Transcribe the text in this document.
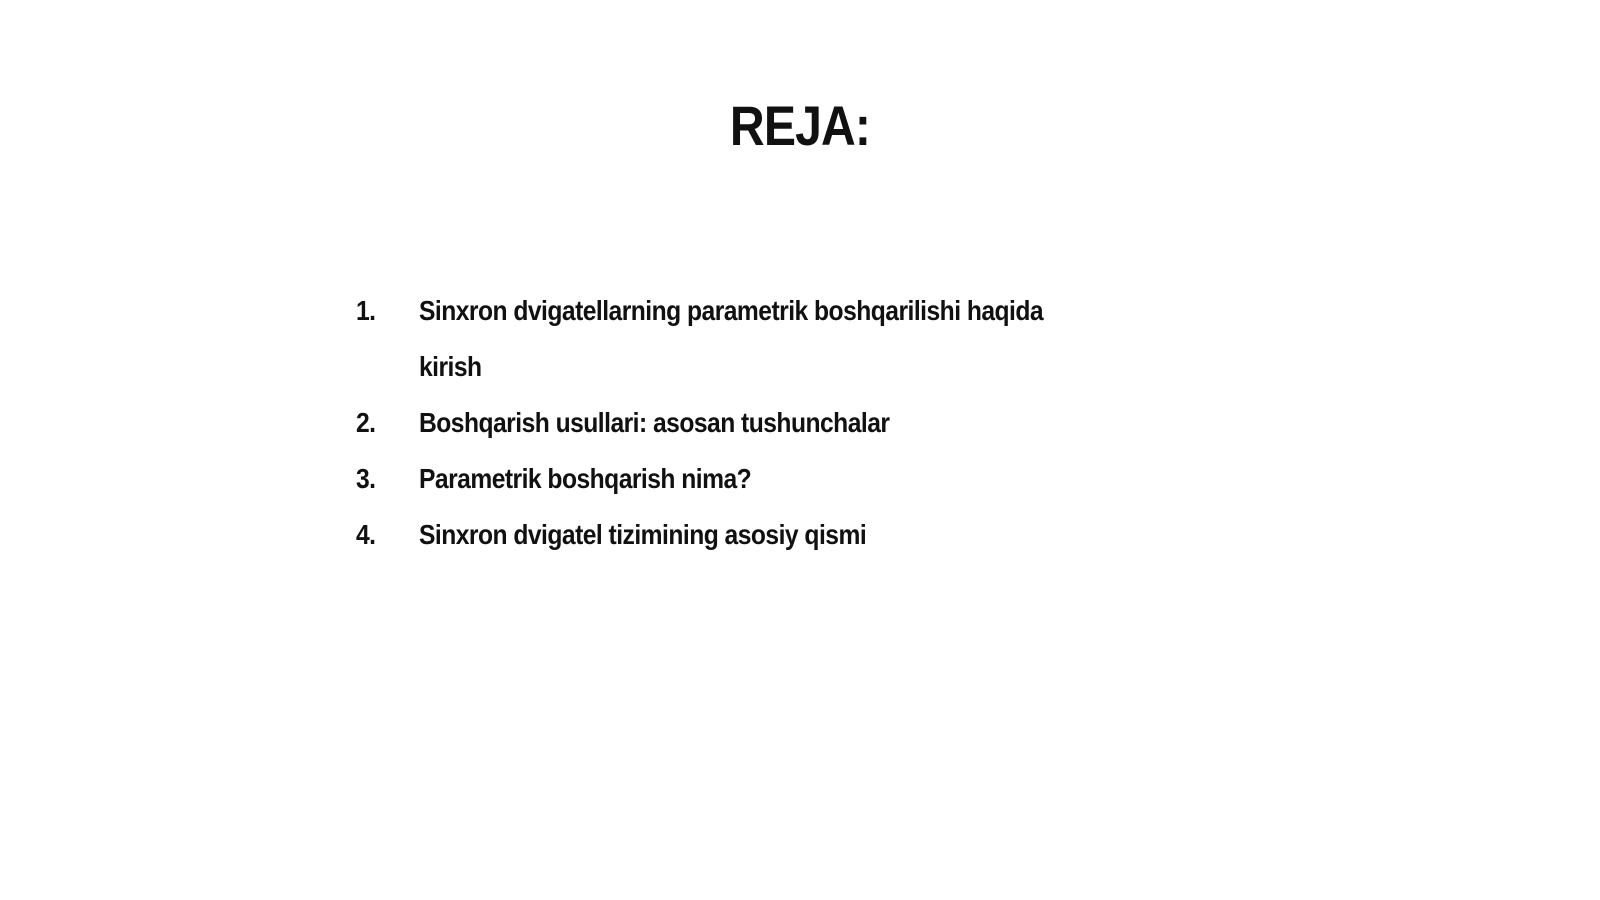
REJA:
1.	Sinxron dvigatellarning parametrik boshqarilishi haqida kirish
2.	Boshqarish usullari: asosan tushunchalar
3.	Parametrik boshqarish nima?
4.	Sinxron dvigatel tizimining asosiy qismi
